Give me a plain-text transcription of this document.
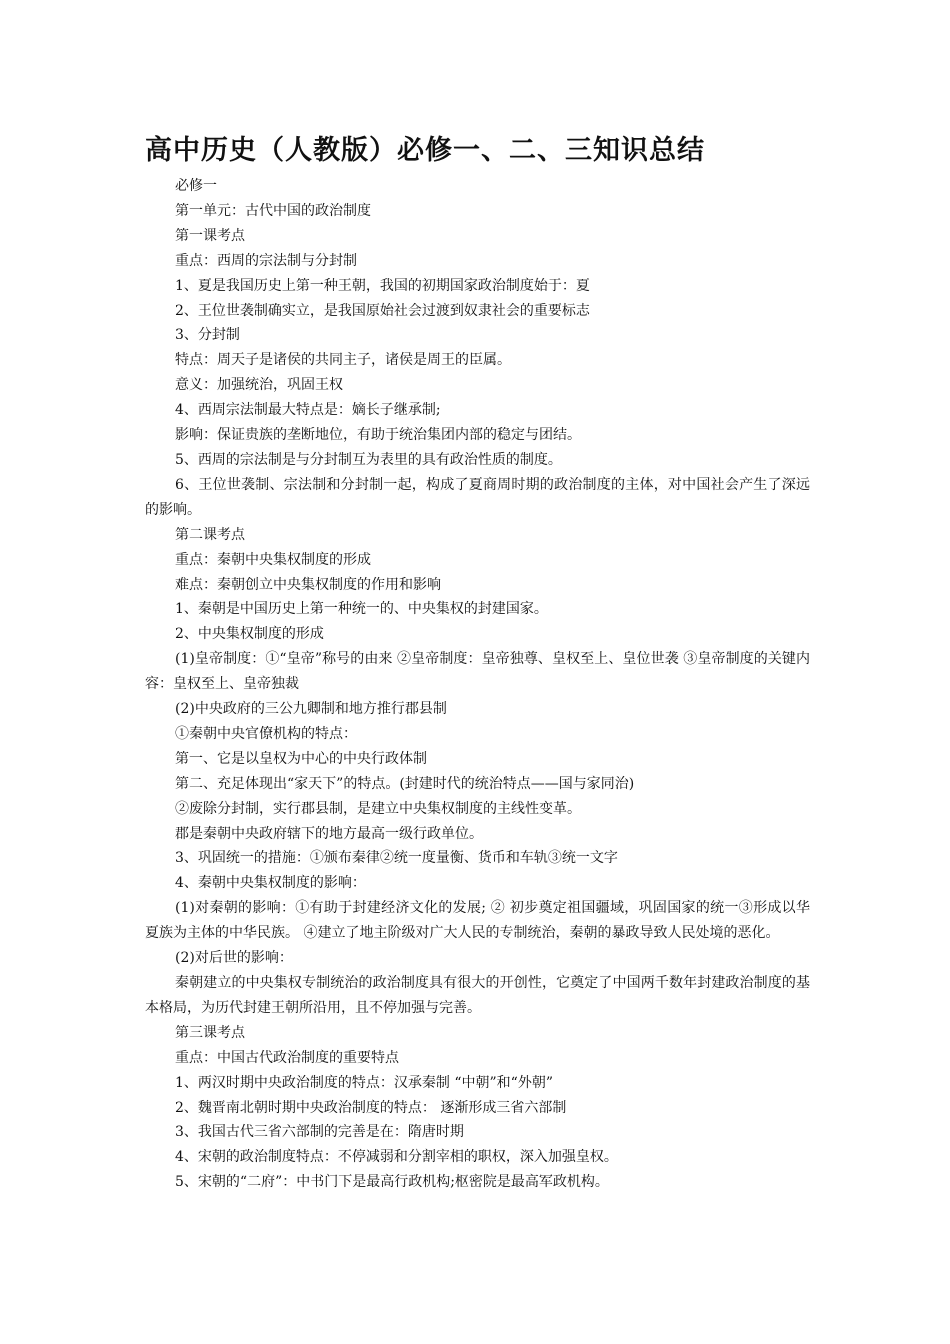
高中历史（人教版）必修一、二、三知识总结

必修一

第一单元：古代中国的政治制度

第一课考点

重点：西周的宗法制与分封制

1、夏是我国历史上第一种王朝，我国的初期国家政治制度始于：夏

2、王位世袭制确实立，是我国原始社会过渡到奴隶社会的重要标志

3、分封制

特点：周天子是诸侯的共同主子，诸侯是周王的臣属。

意义：加强统治，巩固王权

4、西周宗法制最大特点是：嫡长子继承制;

影响：保证贵族的垄断地位，有助于统治集团内部的稳定与团结。

5、西周的宗法制是与分封制互为表里的具有政治性质的制度。

6、王位世袭制、宗法制和分封制一起，构成了夏商周时期的政治制度的主体，对中国社会产生了深远的影响。

第二课考点

重点：秦朝中央集权制度的形成

难点：秦朝创立中央集权制度的作用和影响

1、秦朝是中国历史上第一种统一的、中央集权的封建国家。

2、中央集权制度的形成

(1)皇帝制度：①“皇帝”称号的由来 ②皇帝制度：皇帝独尊、皇权至上、皇位世袭 ③皇帝制度的关键内容：皇权至上、皇帝独裁

(2)中央政府的三公九卿制和地方推行郡县制

①秦朝中央官僚机构的特点：

第一、它是以皇权为中心的中央行政体制

第二、充足体现出“家天下”的特点。(封建时代的统治特点——国与家同治)

②废除分封制，实行郡县制，是建立中央集权制度的主线性变革。

郡是秦朝中央政府辖下的地方最高一级行政单位。

3、巩固统一的措施：①颁布秦律②统一度量衡、货币和车轨③统一文字

4、秦朝中央集权制度的影响：

(1)对秦朝的影响：①有助于封建经济文化的发展; ② 初步奠定祖国疆域，巩固国家的统一③形成以华夏族为主体的中华民族。 ④建立了地主阶级对广大人民的专制统治，秦朝的暴政导致人民处境的恶化。

(2)对后世的影响：

秦朝建立的中央集权专制统治的政治制度具有很大的开创性，它奠定了中国两千数年封建政治制度的基本格局，为历代封建王朝所沿用，且不停加强与完善。

第三课考点

重点：中国古代政治制度的重要特点

1、两汉时期中央政治制度的特点：汉承秦制 “中朝”和“外朝”

2、魏晋南北朝时期中央政治制度的特点： 逐渐形成三省六部制

3、我国古代三省六部制的完善是在：隋唐时期

4、宋朝的政治制度特点：不停减弱和分割宰相的职权，深入加强皇权。

5、宋朝的“二府”：中书门下是最高行政机构;枢密院是最高军政机构。
